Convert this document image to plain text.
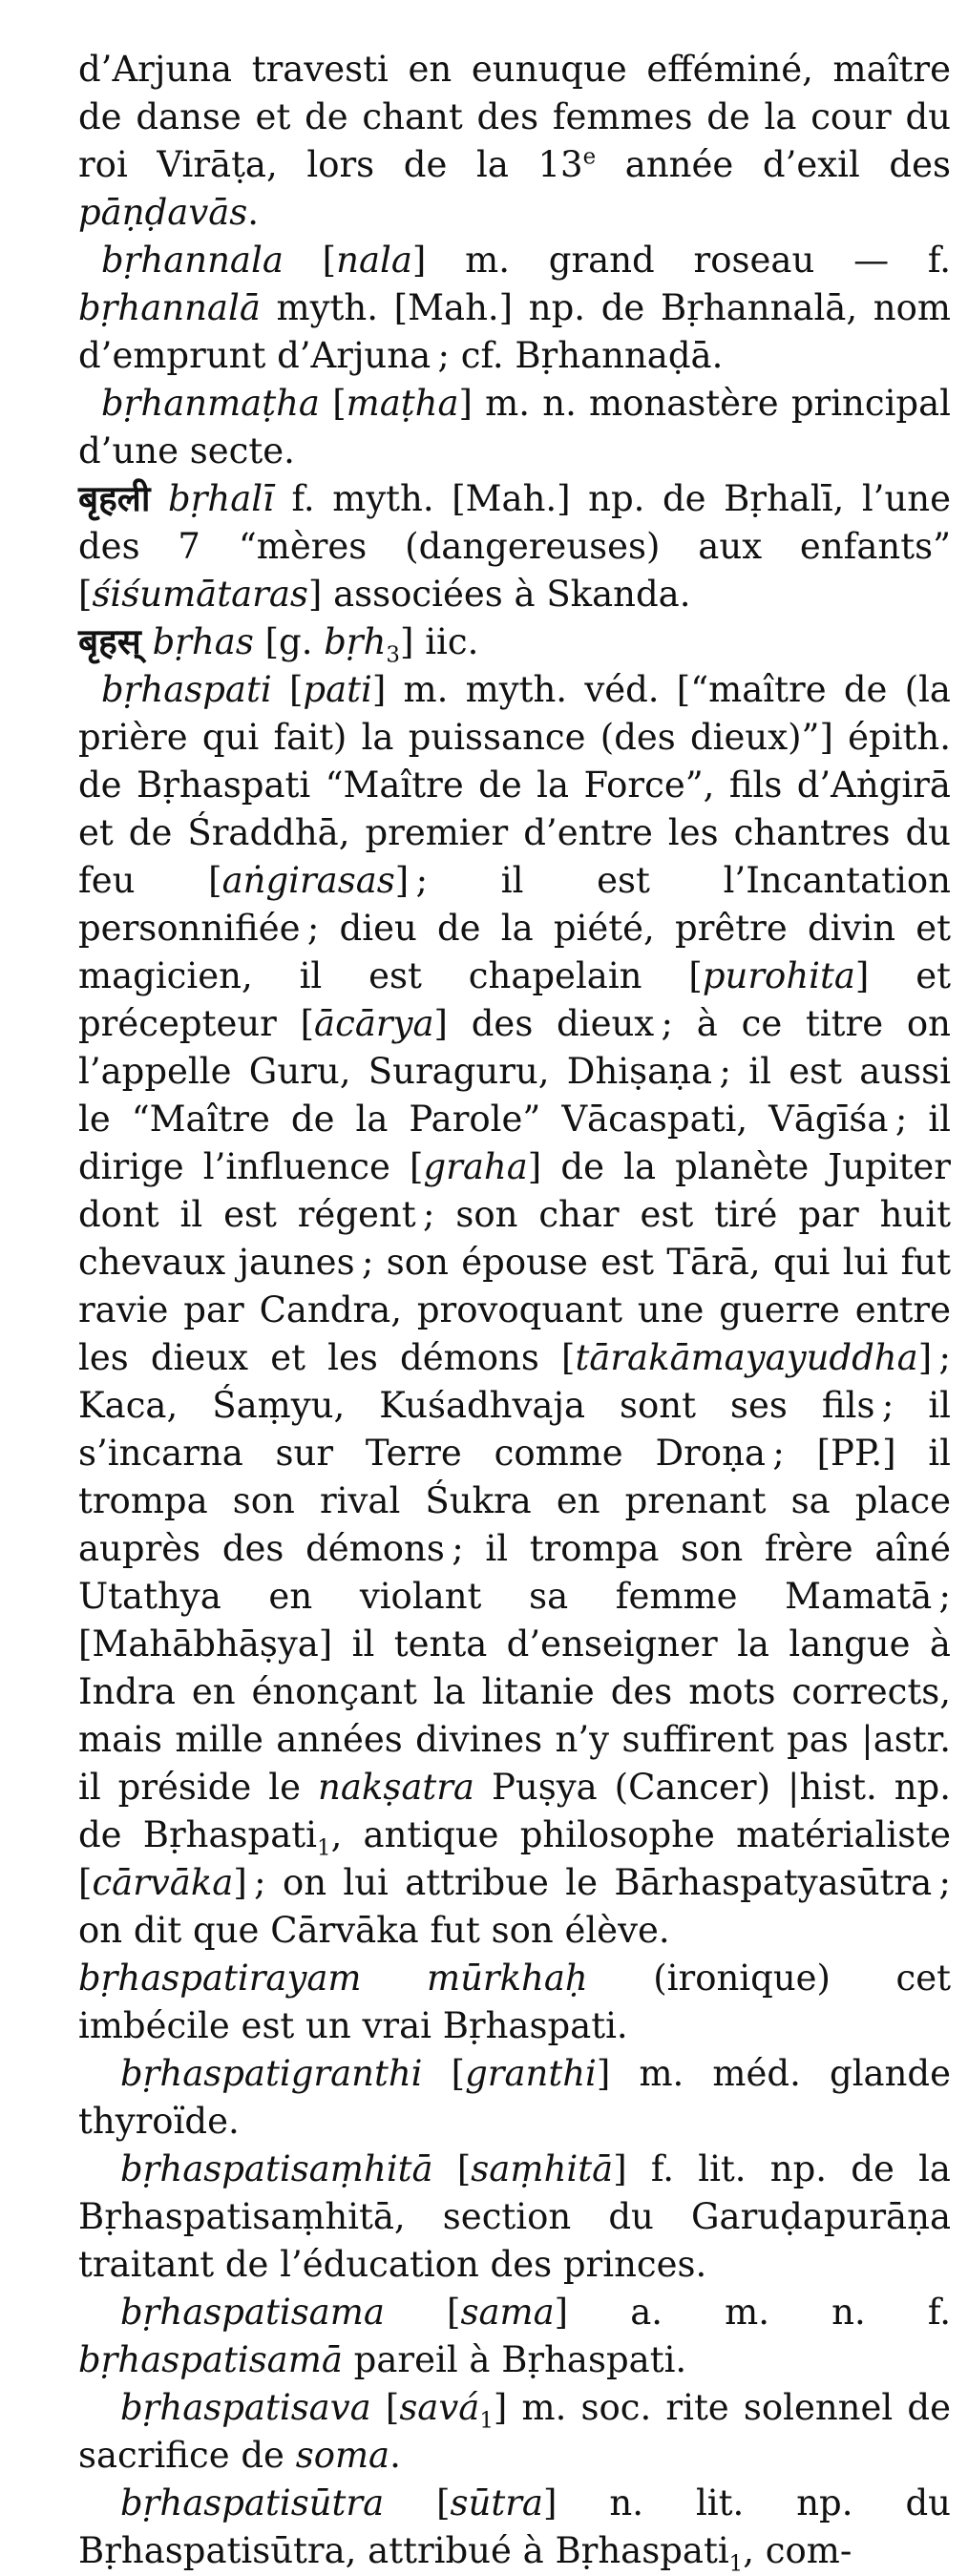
d’Arjuna travesti en eunuque efféminé, maître de danse et de chant des femmes de la cour du roi Virāṭa, lors de la 13e année d’exil des pāṇḍavās.

bṛhannala [nala] m. grand roseau — f. bṛhannalā myth. [Mah.] np. de Bṛhannalā, nom d’emprunt d’Arjuna ; cf. Bṛhannaḍā.

bṛhanmaṭha [maṭha] m. n. monastère principal d’une secte.

बृहली bṛhalī f. myth. [Mah.] np. de Bṛhalī, l’une des 7 “mères (dangereuses) aux enfants” [śiśumātaras] associées à Skanda.

बृहस् bṛhas [g. bṛh$_3$] iic.

bṛhaspati [pati] m. myth. véd. [“maître de (la prière qui fait) la puissance (des dieux)”] épith. de Bṛhaspati “Maître de la Force”, fils d’Aṅgirā et de Śraddhā, premier d’entre les chantres du feu [aṅgirasas] ; il est l’Incantation personnifiée ; dieu de la piété, prêtre divin et magicien, il est chapelain [purohita] et précepteur [ācārya] des dieux ; à ce titre on l’appelle Guru, Suraguru, Dhiṣaṇa ; il est aussi le “Maître de la Parole” Vācaspati, Vāgīśa ; il dirige l’influence [graha] de la planète Jupiter dont il est régent ; son char est tiré par huit chevaux jaunes ; son épouse est Tārā, qui lui fut ravie par Candra, provoquant une guerre entre les dieux et les démons [tārakāmayayuddha] ; Kaca, Śaṃyu, Kuśadhvaja sont ses fils ; il s’incarna sur Terre comme Droṇa ; [PP.] il trompa son rival Śukra en prenant sa place auprès des démons ; il trompa son frère aîné Utathya en violant sa femme Mamatā ; [Mahābhāṣya] il tenta d’enseigner la langue à Indra en énonçant la litanie des mots corrects, mais mille années divines n’y suffirent pas |astr. il préside le nakṣatra Puṣya (Cancer) |hist. np. de Bṛhaspati$_1$, antique philosophe matérialiste [cārvāka] ; on lui attribue le Bārhaspatyasūtra ; on dit que Cārvāka fut son élève.

bṛhaspatirayam mūrkhaḥ (ironique) cet imbécile est un vrai Bṛhaspati.

bṛhaspatigranthi [granthi] m. méd. glande thyroïde.

bṛhaspatisaṃhitā [saṃhitā] f. lit. np. de la Bṛhaspatisaṃhitā, section du Garuḍapurāṇa traitant de l’éducation des princes.

bṛhaspatisama [sama] a. m. n. f. bṛhaspatisamā pareil à Bṛhaspati.

bṛhaspatisava [savá$_1$] m. soc. rite solennel de sacrifice de soma.

bṛhaspatisūtra [sūtra] n. lit. np. du Bṛhaspatisūtra, attribué à Bṛhaspati$_1$, com-
